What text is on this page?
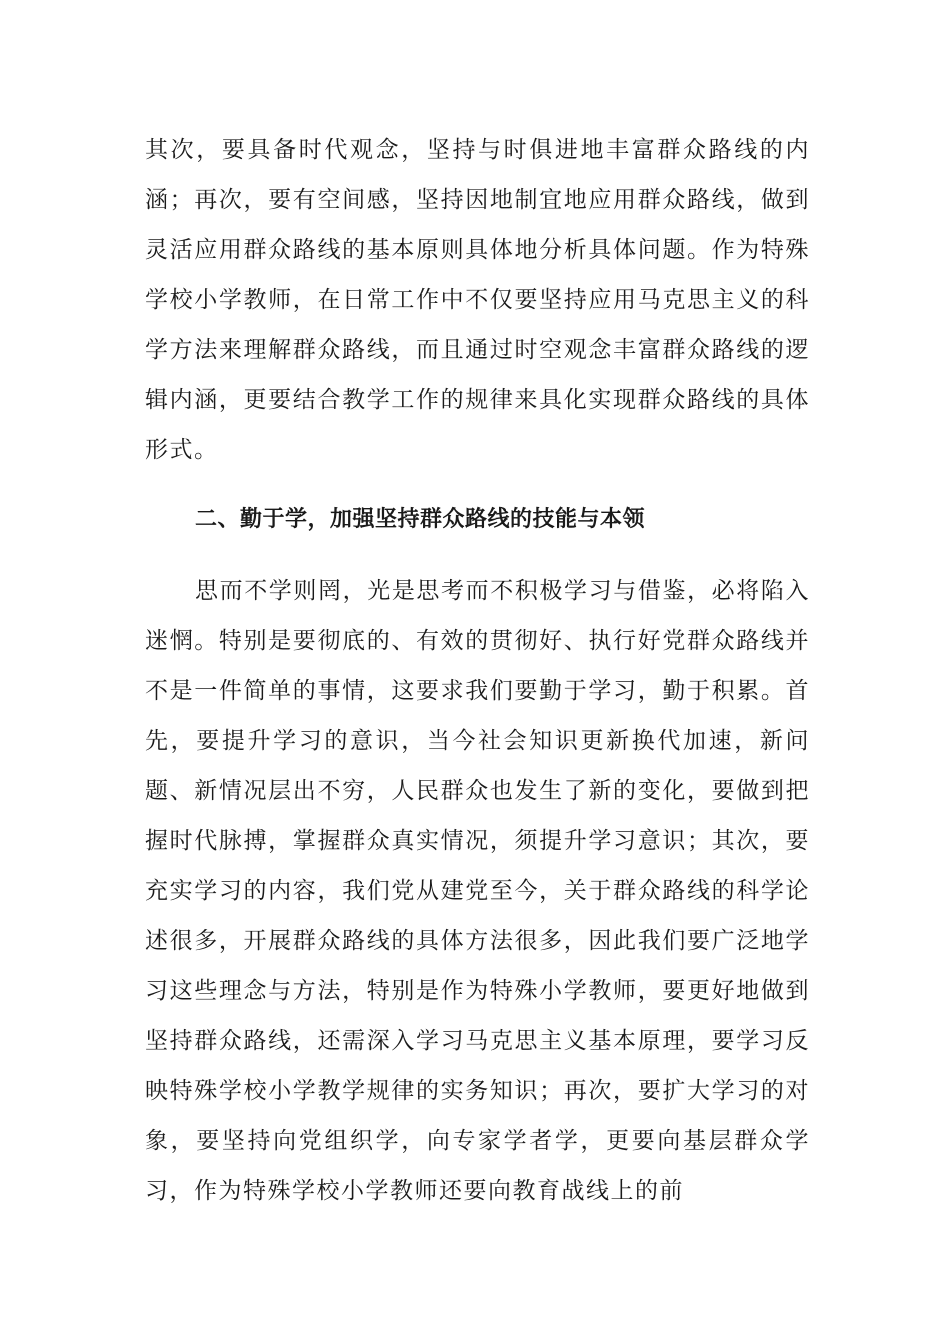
其次，要具备时代观念，坚持与时俱进地丰富群众路线的内涵；再次，要有空间感，坚持因地制宜地应用群众路线，做到灵活应用群众路线的基本原则具体地分析具体问题。作为特殊学校小学教师，在日常工作中不仅要坚持应用马克思主义的科学方法来理解群众路线，而且通过时空观念丰富群众路线的逻辑内涵，更要结合教学工作的规律来具化实现群众路线的具体形式。

二、勤于学，加强坚持群众路线的技能与本领

思而不学则罔，光是思考而不积极学习与借鉴，必将陷入迷惘。特别是要彻底的、有效的贯彻好、执行好党群众路线并不是一件简单的事情，这要求我们要勤于学习，勤于积累。首先，要提升学习的意识，当今社会知识更新换代加速，新问题、新情况层出不穷，人民群众也发生了新的变化，要做到把握时代脉搏，掌握群众真实情况，须提升学习意识；其次，要充实学习的内容，我们党从建党至今，关于群众路线的科学论述很多，开展群众路线的具体方法很多，因此我们要广泛地学习这些理念与方法，特别是作为特殊小学教师，要更好地做到坚持群众路线，还需深入学习马克思主义基本原理，要学习反映特殊学校小学教学规律的实务知识；再次，要扩大学习的对象，要坚持向党组织学，向专家学者学，更要向基层群众学习，作为特殊学校小学教师还要向教育战线上的前
